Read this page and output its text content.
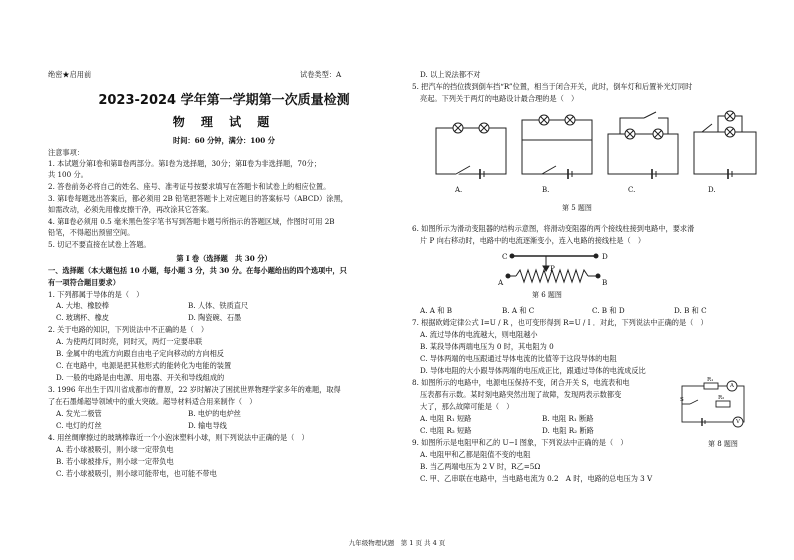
绝密★启用前	试卷类型：A
2023-2024 学年第一学期第一次质量检测
物 理 试 题
时间：60 分钟，满分：100 分
注意事项：
1. 本试题分第Ⅰ卷和第Ⅱ卷两部分。第Ⅰ卷为选择题，30分；第Ⅱ卷为非选择题，70分；
共 100 分。
2. 答卷前务必将自己的姓名、座号、准考证号按要求填写在答题卡和试卷上的相应位置。
3. 第Ⅰ卷每题选出答案后，都必须用 2B 铅笔把答题卡上对应题目的答案标号（ABCD）涂黑，
如需改动，必须先用橡皮擦干净，再改涂其它答案。
4. 第Ⅱ卷必须用 0.5 毫米黑色签字笔书写到答题卡题号所指示的答题区域，作图时可用 2B
铅笔，不得超出预留空间。
5. 切记不要直接在试卷上答题。
第 Ⅰ 卷（选择题　共 30 分）
一、选择题（本大题包括 10 小题，每小题 3 分，共 30 分。在每小题给出的四个选项中，只
有一项符合题目要求）
1. 下列都属于导体的是（　）
A. 大地、橡胶棒	B. 人体、铁质直尺
C. 玻璃杯、橡皮	D. 陶瓷碗、石墨
2. 关于电路的知识，下列说法中不正确的是（　）
A. 为使两灯同时亮，同时灭，两灯一定要串联
B. 金属中的电流方向跟自由电子定向移动的方向相反
C. 在电路中，电源是把其他形式的能转化为电能的装置
D. 一般的电路是由电源、用电器、开关和导线组成的
3. 1996 年出生于四川省成都市的曹原，22 岁时解决了困扰世界物理学家多年的难题，取得
了在石墨烯超导领域中的重大突破。超导材料适合用来制作（　）
A. 发光二极管	B. 电炉的电炉丝
C. 电灯的灯丝	D. 输电导线
4. 用丝绸摩擦过的玻璃棒靠近一个小泡沫塑料小球，则下列说法中正确的是（　）
A. 若小球被吸引，则小球一定带负电
B. 若小球被排斥，则小球一定带负电
C. 若小球被吸引，则小球可能带电，也可能不带电
D. 以上说法都不对
5. 把汽车的挡位拨到倒车挡“R”位置，相当于闭合开关，此时，倒车灯和后置补光灯同时
亮起。下列关于两灯的电路设计最合理的是（　）
A.	B.	C.	D.
第 5 题图
6. 如图所示为滑动变阻器的结构示意图，将滑动变阻器的两个接线柱接到电路中，要求滑
片 P 向右移动时，电路中的电流逐渐变小，连入电路的接线柱是（　）
C	D
P
A	B
第 6 题图
A. A 和 B	B. A 和 C	C. B 和 D	D. B 和 C
7. 根据欧姆定律公式 I=U / R ，也可变形得到 R=U / I ．对此，下列说法中正确的是（　）
A. 流过导体的电流越大，则电阻越小
B. 某段导体两端电压为 0 时，其电阻为 0
C. 导体两端的电压跟通过导体电流的比值等于这段导体的电阻
D. 导体电阻的大小跟导体两端的电压成正比，跟通过导体的电流成反比
8. 如图所示的电路中，电源电压保持不变，闭合开关 S，电流表和电
压表都有示数。某时刻电路突然出现了故障，发现两表示数都变
大了，那么故障可能是（　）
A. 电阻 R₁ 短路	B. 电阻 R₁ 断路
C. 电阻 R₂ 短路	D. 电阻 R₂ 断路
R₁
A
S	R₂
V
第 8 题图
9. 如图所示是电阻甲和乙的 U−I 图象，下列说法中正确的是（　）
A. 电阻甲和乙都是阻值不变的电阻
B. 当乙两端电压为 2 V 时，R乙=5Ω
C. 甲、乙串联在电路中，当电路电流为 0.2　A 时，电路的总电压为 3 V
九年级物理试题　第 1 页 共 4 页
